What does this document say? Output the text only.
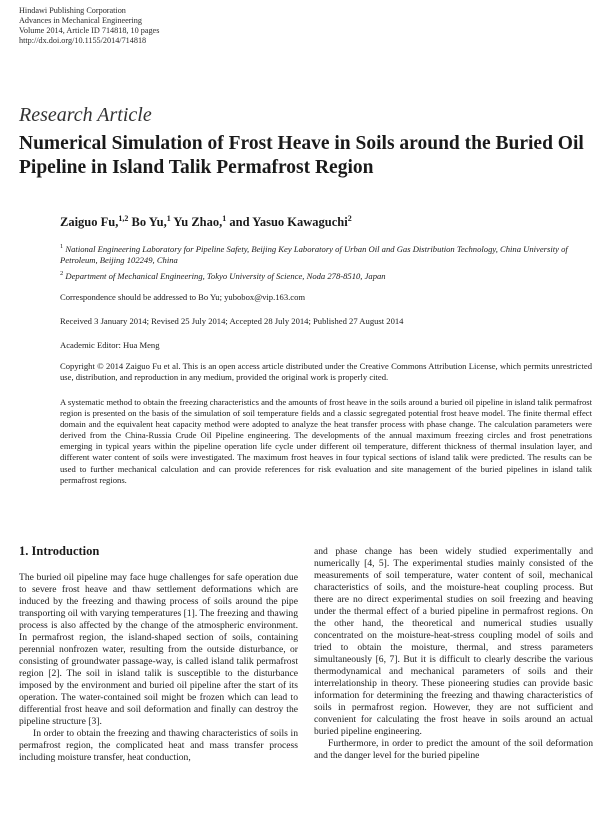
Hindawi Publishing Corporation
Advances in Mechanical Engineering
Volume 2014, Article ID 714818, 10 pages
http://dx.doi.org/10.1155/2014/714818
Research Article
Numerical Simulation of Frost Heave in Soils around the Buried Oil Pipeline in Island Talik Permafrost Region
Zaiguo Fu,$^{1,2}$ Bo Yu,$^1$ Yu Zhao,$^1$ and Yasuo Kawaguchi$^2$
$^1$ National Engineering Laboratory for Pipeline Safety, Beijing Key Laboratory of Urban Oil and Gas Distribution Technology, China University of Petroleum, Beijing 102249, China
$^2$ Department of Mechanical Engineering, Tokyo University of Science, Noda 278-8510, Japan
Correspondence should be addressed to Bo Yu; yubobox@vip.163.com
Received 3 January 2014; Revised 25 July 2014; Accepted 28 July 2014; Published 27 August 2014
Academic Editor: Hua Meng
Copyright © 2014 Zaiguo Fu et al. This is an open access article distributed under the Creative Commons Attribution License, which permits unrestricted use, distribution, and reproduction in any medium, provided the original work is properly cited.
A systematic method to obtain the freezing characteristics and the amounts of frost heave in the soils around a buried oil pipeline in island talik permafrost region is presented on the basis of the simulation of soil temperature fields and a classic segregated potential frost heave model. The finite thermal effect domain and the equivalent heat capacity method were adopted to analyze the heat transfer process with phase change. The calculation parameters were derived from the China-Russia Crude Oil Pipeline engineering. The developments of the annual maximum freezing circles and frost penetrations emerging in typical years within the pipeline operation life cycle under different oil temperature, different thickness of thermal insulation layer, and different water content of soils were investigated. The maximum frost heaves in four typical sections of island talik were predicted. The results can be used to further mechanical calculation and can provide references for risk evaluation and site management of the buried pipelines in island talik permafrost regions.
1. Introduction

The buried oil pipeline may face huge challenges for safe operation due to severe frost heave and thaw settlement deformations which are induced by the freezing and thawing process of soils around the pipe transporting oil with varying temperatures [1]. The freezing and thawing process is also affected by the change of the atmospheric environment. In permafrost region, the island-shaped section of soils, containing perennial nonfrozen water, resulting from the outside disturbance, or consisting of groundwater passage-way, is called island talik permafrost region [2]. The soil in island talik is susceptible to the disturbance imposed by the environment and buried oil pipeline after the start of its operation. The water-contained soil might be frozen which can lead to differential frost heave and soil deformation and finally can destroy the pipeline structure [3].

In order to obtain the freezing and thawing characteristics of soils in permafrost region, the complicated heat and mass transfer process including moisture transfer, heat conduction,

and phase change has been widely studied experimentally and numerically [4, 5]. The experimental studies mainly consisted of the measurements of soil temperature, water content of soil, mechanical characteristics of soils, and the moisture-heat coupling process. But there are no direct experimental studies on soil freezing and heaving under the thermal effect of a buried pipeline in permafrost regions. On the other hand, the theoretical and numerical studies usually concentrated on the moisture-heat-stress coupling model of soils and tried to obtain the moisture, thermal, and stress parameters simultaneously [6, 7]. But it is difficult to clearly describe the various thermodynamical and mechanical parameters of soils and their interrelationship in theory. These pioneering studies can provide basic information for determining the freezing and thawing characteristics of soils in permafrost region. However, they are not sufficient and convenient for calculating the frost heave in soils around an actual buried pipeline engineering.

Furthermore, in order to predict the amount of the soil deformation and the danger level for the buried pipeline
